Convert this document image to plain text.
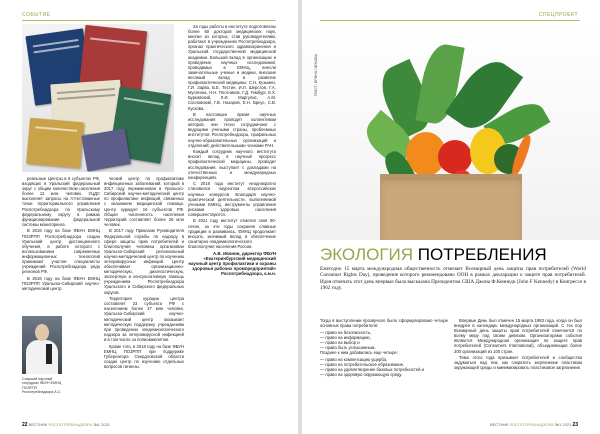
СОБЫТИЕ

реальные Центры в 6 субъектах РФ, входящих в Уральский федеральный округ с общим количеством населения более 12 млн. человек. УЦДС выполняет запросы на Аттестованные точки территориального управления Роспотребнадзора по Уральскому федеральному округу в рамках функционирования федеральной системы мониторинга.

В 2016 году на базе ФБУН ЕМНЦ ПОЗРПП Роспотребнадзора создан Уральский центр дистанционного обучения, в работе которого с использованием современных информационных технологий принимают участие специалисты учреждений Роспотребнадзора ряда регионов РФ.

В 2016 году на базе ФБУН ЕМНЦ ПОЗРПП Уральско-Сибирский научно-методический центр.

Старший научный сотрудник ФБУН ЕМНЦ ПОЗРПП Роспотребнадзора А.С.

ческий центр по профилактике инфекционных заболеваний, который в 2017 году переименован в Уральско-Сибирский научно-методический центр по профилактике инфекций, связанных с оказанием медицинской помощи. Центр курирует 16 субъектов РФ. Общая численность населения территорий составляет более 26 млн человек.

В 2017 году Приказом Руководителя Федеральной службы по надзору в сфере защиты прав потребителей и благополучия человека организован Уральско-Сибирский региональный научно-методический центр по изучению энтеровирусных инфекций. Центр обеспечивает организационно-методическую, диагностическую, экспертную и консультативную помощь учреждениям Роспотребнадзора Уральского и Сибирского федеральных округов.

Территория курации центра составляет 23 субъекта РФ с населением более 37 млн человек. Уральско-Сибирский научно-методический центр оказывает методическую поддержку учреждениям при проведении эпидемиологического надзора за энтеровирусной инфекцией и в том числе за полиомиелитом.

Кроме того, в 2018 году на базе ФБУН ЕМНЦ ПОЗРПП при поддержке Губернатора Свердловской области создан центр по изучению отдельных вопросов гигиены.

За годы работы в институте подготовлены более 60 докторов медицинских наук, многие из которых, став руководителями, работают в учреждениях Роспотребнадзора, органах практического здравоохранения и Уральской государственной медицинской академии. Большой вклад в организацию и проведение научных исследований, проводимых в ЕМНЦ, внесли замечательные ученые и медики, внесшие весомый вклад в развитие профилактической медицины: С.Н. Кузьмин, Г.И. Зарва, Б.Е. Тестин, И.Л. Шерстов, Г.А. Мусягина, Н.Н. Плотников, Г.Д. Гембург, Е.Х. Бурковский, Л.И. Маргулис, А.М. Сосновский, Г.В. Назаров, Е.Н. Бреус, С.В. Кускова.

В настоящее время научные исследования проводят коллективом авторов, они тесно сотрудничают с ведущими учеными страны, проблемных институтов Роспотребнадзора, профильных научно-образовательных организаций и отделений; действительными членами РАН.

Каждый сотрудник научного института вносит вклад в научный прогресс профилактической медицины, проводит исследования, выступает с докладами на отечественных и международных конференциях.

С 2018 года институт неоднократно становился лауреатом всероссийских научных конкурсов. Благодаря научно-практической деятельности, выполняемой учеными ЕМНЦ, инструменты управления рисками здоровью населения совершенствуются.

В 2021 году институт отметил своё 90-летие, за эти годы сохраняя славные традиции и развиваясь, ЕМНЦ продолжает вносить значимый вклад в обеспечение санитарно-эпидемиологического благополучия населения России.

А.В. Ивонин, директор ФБУН «Екатеринбургский медицинский научный центр профилактики и охраны здоровья рабочих промпредприятий» Роспотребнадзора, к.м.н.

22 ВЕСТНИК РОСПОТРЕБНАДЗОРА №1 2021
СПЕЦПРОЕКТ
ТЕКСТ: ИРИНА ЧИЖОВА
ЭКОЛОГИЯ ПОТРЕБЛЕНИЯ
Ежегодно 15 марта международная общественность отмечает Всемирный день защиты прав потребителей (World Consumer Rights Day), проведение которого рекомендовано ООН в рамках декларации о защите прав потребителей. Идея отмечать этот день впервые была высказана Президентом США Джона Ф.Кеннеди (John F Kennedy) в Конгрессе в 1962 году.

Тогда в выступлении прозвучало было сформулировано четыре основных права потребителя:

— право на безопасность,
— право на информацию,
— право на выбор и
— право быть услышанным.

Позднее к ним добавились еще четыре:

— право на компенсацию ущерба,
— право на потребительское образование,
— право на удовлетворение базовых потребностей и
— право на здоровую окружающую среду.

Впервые День был отмечен 15 марта 1983 года, когда он был внедрен в календарь международных организаций. С тех пор Всемирный день защиты прав потребителей отмечается по всему миру под своим девизом. Организаторами события являются Международная организация по защите прав потребителей (Consumers International), объединяющая более 200 организаций из 100 стран.

Тема этого года призывает потребителей и сообщества задуматься над тем, как сократить загрязнение пластиком окружающей среды и минимизировать пластиковое загрязнение.

ВЕСТНИК РОСПОТРЕБНАДЗОРА №1 2021 23
